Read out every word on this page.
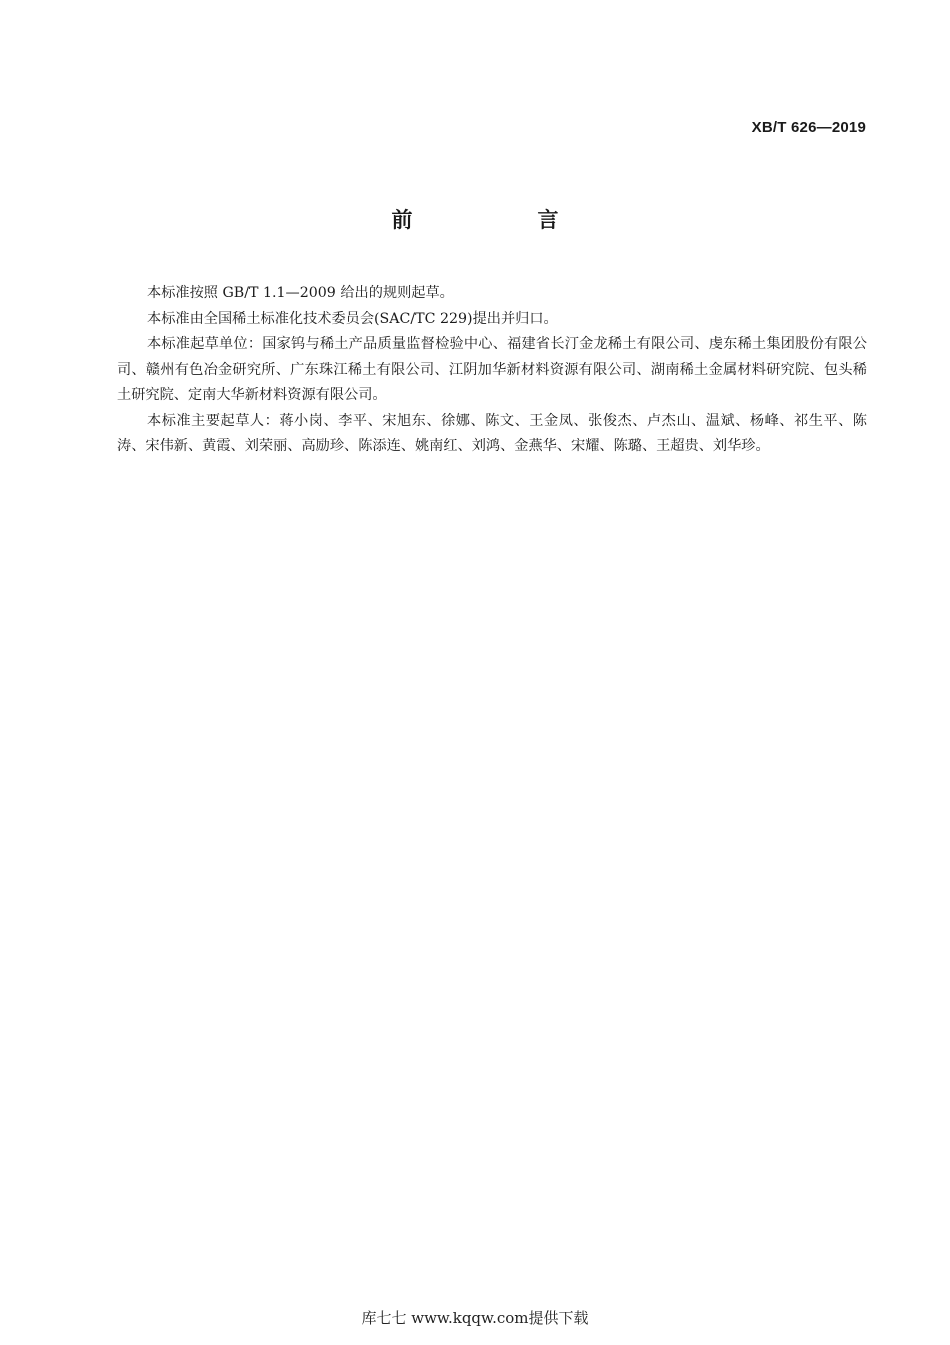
XB/T 626—2019
前　言

本标准按照 GB/T 1.1—2009 给出的规则起草。

本标准由全国稀土标准化技术委员会(SAC/TC 229)提出并归口。

本标准起草单位：国家钨与稀土产品质量监督检验中心、福建省长汀金龙稀土有限公司、虔东稀土集团股份有限公司、赣州有色冶金研究所、广东珠江稀土有限公司、江阴加华新材料资源有限公司、湖南稀土金属材料研究院、包头稀土研究院、定南大华新材料资源有限公司。

本标准主要起草人：蒋小岗、李平、宋旭东、徐娜、陈文、王金凤、张俊杰、卢杰山、温斌、杨峰、祁生平、陈涛、宋伟新、黄霞、刘荣丽、高励珍、陈添连、姚南红、刘鸿、金燕华、宋耀、陈璐、王超贵、刘华珍。

库七七 www.kqqw.com提供下载
